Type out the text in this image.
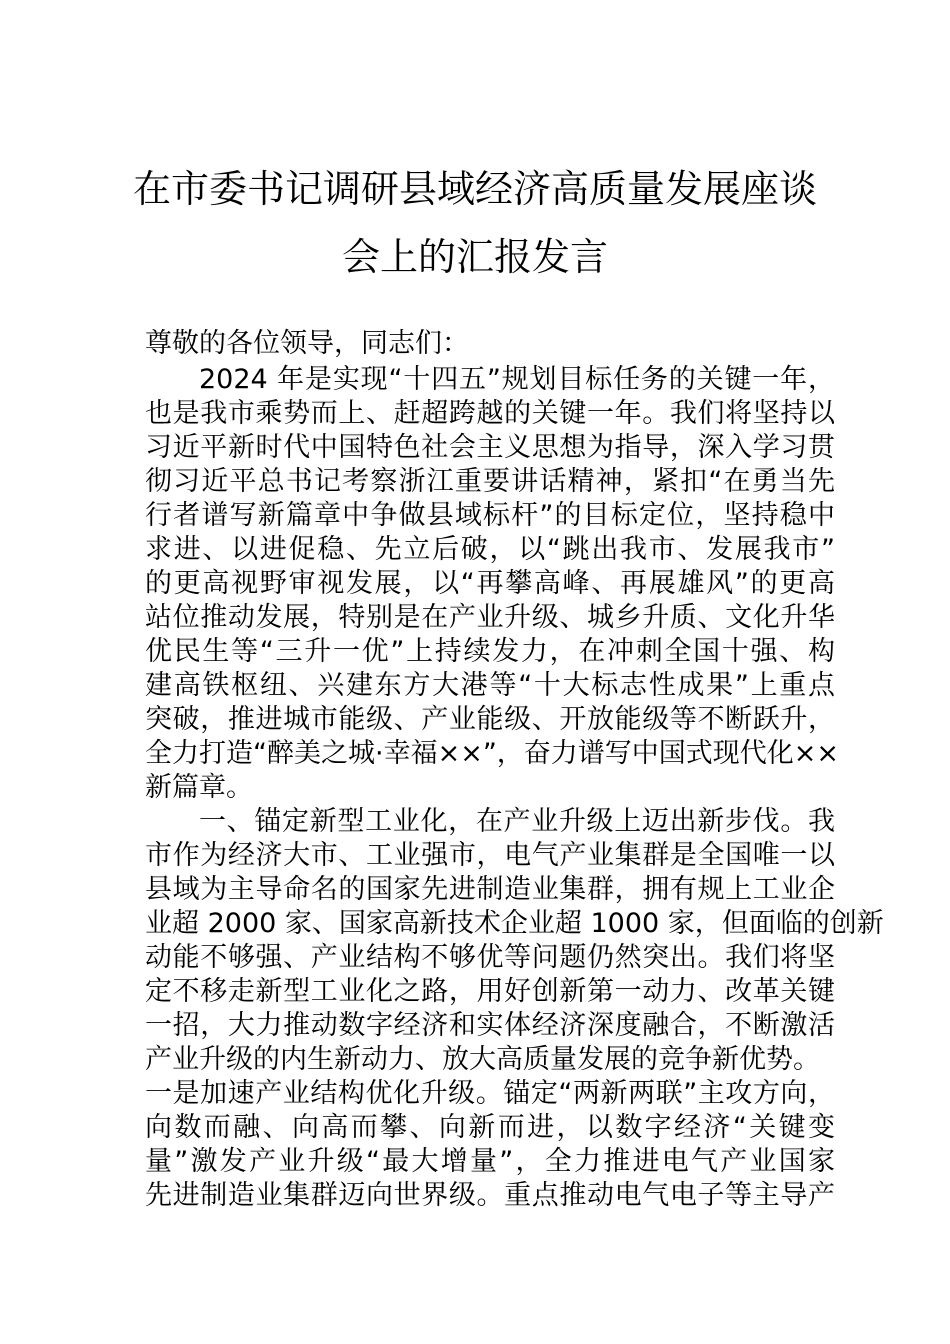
在市委书记调研县域经济高质量发展座谈
会上的汇报发言
尊敬的各位领导，同志们：
2024 年是实现“十四五”规划目标任务的关键一年，
也是我市乘势而上、赶超跨越的关键一年。我们将坚持以
习近平新时代中国特色社会主义思想为指导，深入学习贯
彻习近平总书记考察浙江重要讲话精神，紧扣“在勇当先
行者谱写新篇章中争做县域标杆”的目标定位，坚持稳中
求进、以进促稳、先立后破，以“跳出我市、发展我市”
的更高视野审视发展，以“再攀高峰、再展雄风”的更高
站位推动发展，特别是在产业升级、城乡升质、文化升华
优民生等“三升一优”上持续发力，在冲刺全国十强、构
建高铁枢纽、兴建东方大港等“十大标志性成果”上重点
突破，推进城市能级、产业能级、开放能级等不断跃升，
全力打造“醉美之城·幸福××”，奋力谱写中国式现代化××
新篇章。
一、锚定新型工业化，在产业升级上迈出新步伐。我
市作为经济大市、工业强市，电气产业集群是全国唯一以
县域为主导命名的国家先进制造业集群，拥有规上工业企
业超 2000 家、国家高新技术企业超 1000 家，但面临的创新
动能不够强、产业结构不够优等问题仍然突出。我们将坚
定不移走新型工业化之路，用好创新第一动力、改革关键
一招，大力推动数字经济和实体经济深度融合，不断激活
产业升级的内生新动力、放大高质量发展的竞争新优势。
一是加速产业结构优化升级。锚定“两新两联”主攻方向，
向数而融、向高而攀、向新而进，以数字经济“关键变
量”激发产业升级“最大增量”，全力推进电气产业国家
先进制造业集群迈向世界级。重点推动电气电子等主导产
